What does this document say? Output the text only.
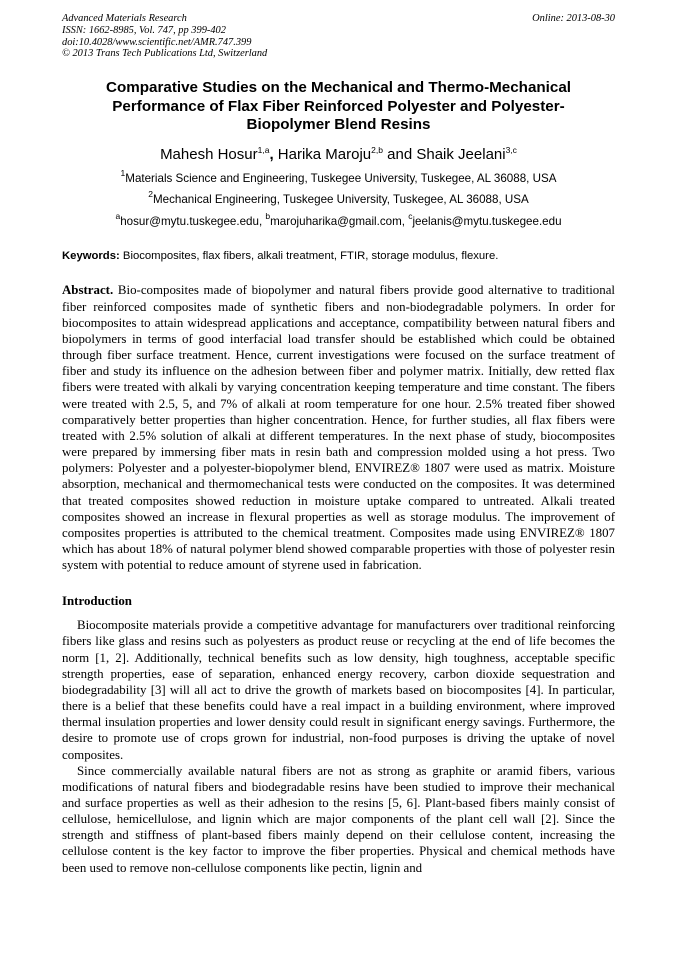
Advanced Materials Research
ISSN: 1662-8985, Vol. 747, pp 399-402
doi:10.4028/www.scientific.net/AMR.747.399
© 2013 Trans Tech Publications Ltd, Switzerland
Online: 2013-08-30
Comparative Studies on the Mechanical and Thermo-Mechanical Performance of Flax Fiber Reinforced Polyester and Polyester-Biopolymer Blend Resins
Mahesh Hosur$^{1,a}$, Harika Maroju$^{2,b}$ and Shaik Jeelani$^{3,c}$
$^1$Materials Science and Engineering, Tuskegee University, Tuskegee, AL 36088, USA
$^2$Mechanical Engineering, Tuskegee University, Tuskegee, AL 36088, USA
$^a$hosur@mytu.tuskegee.edu, $^b$marojuharika@gmail.com, $^c$jeelanis@mytu.tuskegee.edu
Keywords: Biocomposites, flax fibers, alkali treatment, FTIR, storage modulus, flexure.
Abstract. Bio-composites made of biopolymer and natural fibers provide good alternative to traditional fiber reinforced composites made of synthetic fibers and non-biodegradable polymers. In order for biocomposites to attain widespread applications and acceptance, compatibility between natural fibers and biopolymers in terms of good interfacial load transfer should be established which could be obtained through fiber surface treatment. Hence, current investigations were focused on the surface treatment of fiber and study its influence on the adhesion between fiber and polymer matrix. Initially, dew retted flax fibers were treated with alkali by varying concentration keeping temperature and time constant. The fibers were treated with 2.5, 5, and 7% of alkali at room temperature for one hour. 2.5% treated fiber showed comparatively better properties than higher concentration. Hence, for further studies, all flax fibers were treated with 2.5% solution of alkali at different temperatures. In the next phase of study, biocomposites were prepared by immersing fiber mats in resin bath and compression molded using a hot press. Two polymers: Polyester and a polyester-biopolymer blend, ENVIREZ® 1807 were used as matrix. Moisture absorption, mechanical and thermomechanical tests were conducted on the composites. It was determined that treated composites showed reduction in moisture uptake compared to untreated. Alkali treated composites showed an increase in flexural properties as well as storage modulus. The improvement of composites properties is attributed to the chemical treatment. Composites made using ENVIREZ® 1807 which has about 18% of natural polymer blend showed comparable properties with those of polyester resin system with potential to reduce amount of styrene used in fabrication.
Introduction

Biocomposite materials provide a competitive advantage for manufacturers over traditional reinforcing fibers like glass and resins such as polyesters as product reuse or recycling at the end of life becomes the norm [1, 2]. Additionally, technical benefits such as low density, high toughness, acceptable specific strength properties, ease of separation, enhanced energy recovery, carbon dioxide sequestration and biodegradability [3] will all act to drive the growth of markets based on biocomposites [4]. In particular, there is a belief that these benefits could have a real impact in a building environment, where improved thermal insulation properties and lower density could result in significant energy savings. Furthermore, the desire to promote use of crops grown for industrial, non-food purposes is driving the uptake of novel composites.

Since commercially available natural fibers are not as strong as graphite or aramid fibers, various modifications of natural fibers and biodegradable resins have been studied to improve their mechanical and surface properties as well as their adhesion to the resins [5, 6]. Plant-based fibers mainly consist of cellulose, hemicellulose, and lignin which are major components of the plant cell wall [2]. Since the strength and stiffness of plant-based fibers mainly depend on their cellulose content, increasing the cellulose content is the key factor to improve the fiber properties. Physical and chemical methods have been used to remove non-cellulose components like pectin, lignin and
